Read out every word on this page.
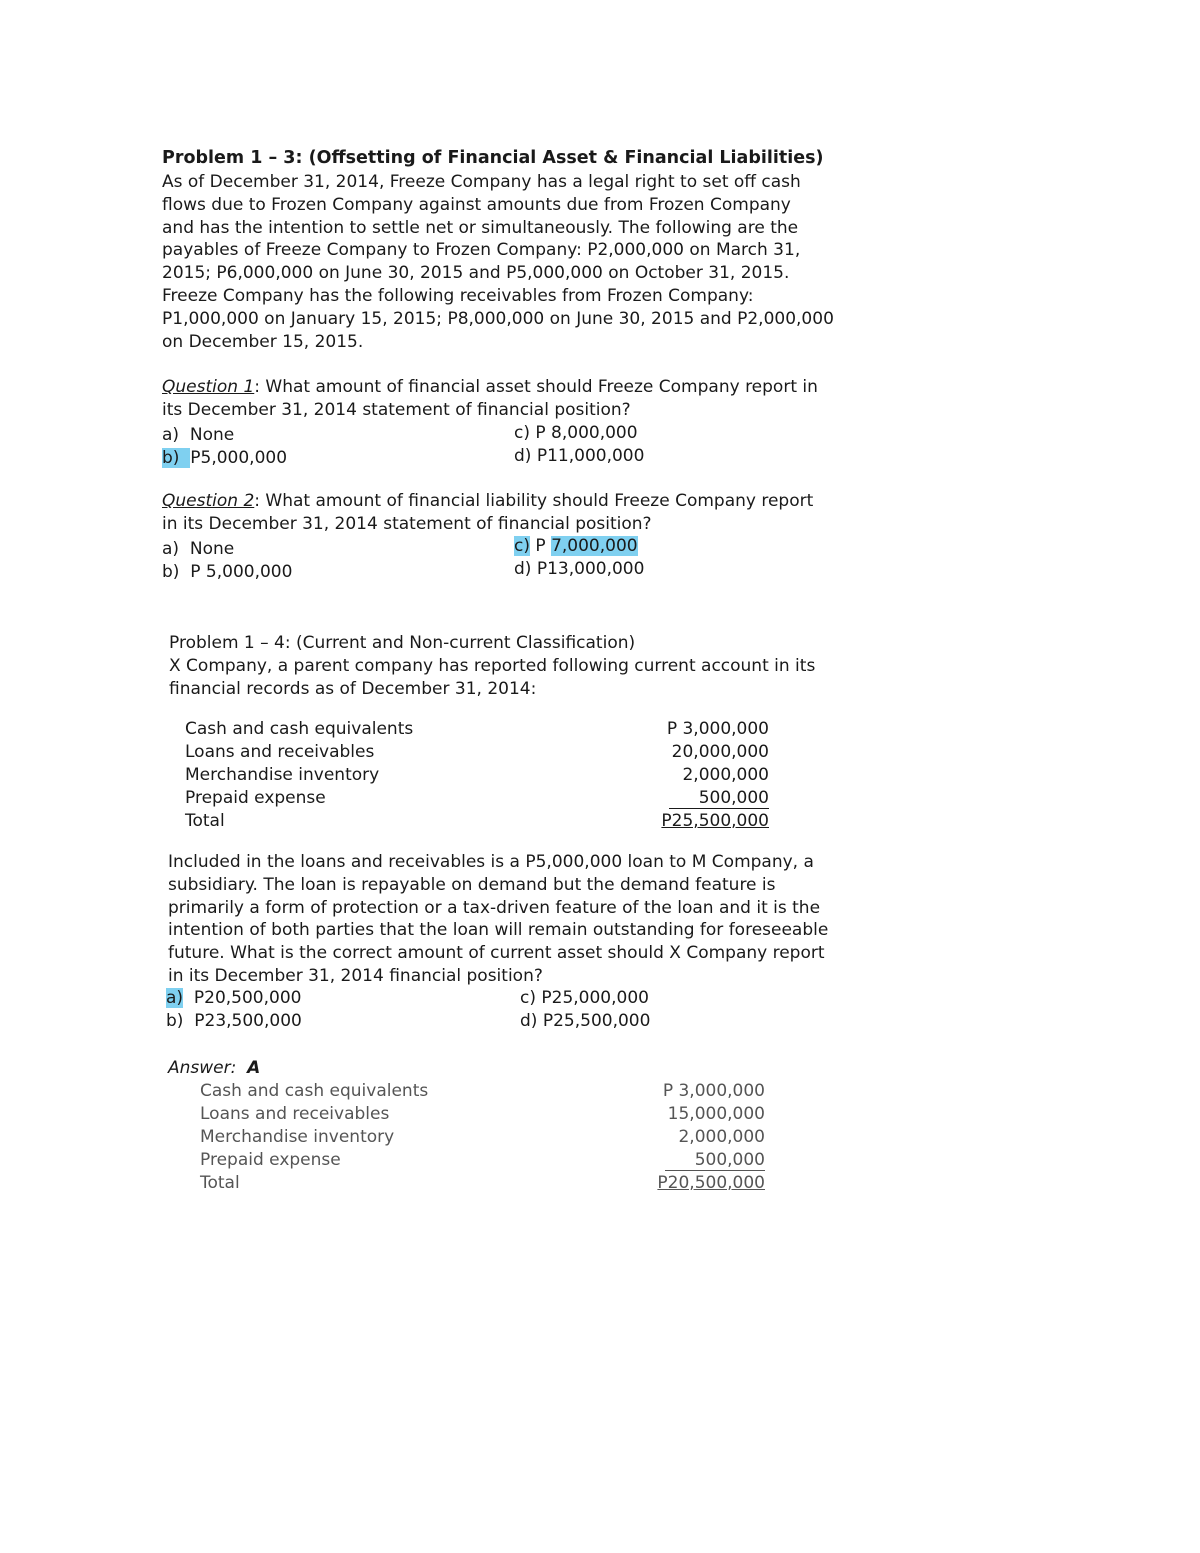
Problem 1 – 3: (Offsetting of Financial Asset & Financial Liabilities)
As of December 31, 2014, Freeze Company has a legal right to set off cash
flows due to Frozen Company against amounts due from Frozen Company
and has the intention to settle net or simultaneously. The following are the
payables of Freeze Company to Frozen Company: P2,000,000 on March 31,
2015; P6,000,000 on June 30, 2015 and P5,000,000 on October 31, 2015.
Freeze Company has the following receivables from Frozen Company:
P1,000,000 on January 15, 2015; P8,000,000 on June 30, 2015 and P2,000,000
on December 15, 2015.
Question 1: What amount of financial asset should Freeze Company report in
its December 31, 2014 statement of financial position?
a) None
b) P5,000,000
c) P 8,000,000
d) P11,000,000
Question 2: What amount of financial liability should Freeze Company report
in its December 31, 2014 statement of financial position?
a) None
b) P 5,000,000
c) P 7,000,000
d) P13,000,000
Problem 1 – 4: (Current and Non-current Classification)
X Company, a parent company has reported following current account in its
financial records as of December 31, 2014:
Cash and cash equivalents
Loans and receivables
Merchandise inventory
Prepaid expense
Total
P 3,000,000
20,000,000
2,000,000
500,000
P25,500,000
Included in the loans and receivables is a P5,000,000 loan to M Company, a
subsidiary. The loan is repayable on demand but the demand feature is
primarily a form of protection or a tax-driven feature of the loan and it is the
intention of both parties that the loan will remain outstanding for foreseeable
future. What is the correct amount of current asset should X Company report
in its December 31, 2014 financial position?
a) P20,500,000
b) P23,500,000
c) P25,000,000
d) P25,500,000
Answer: A
Cash and cash equivalents
Loans and receivables
Merchandise inventory
Prepaid expense
Total
P 3,000,000
15,000,000
2,000,000
500,000
P20,500,000
